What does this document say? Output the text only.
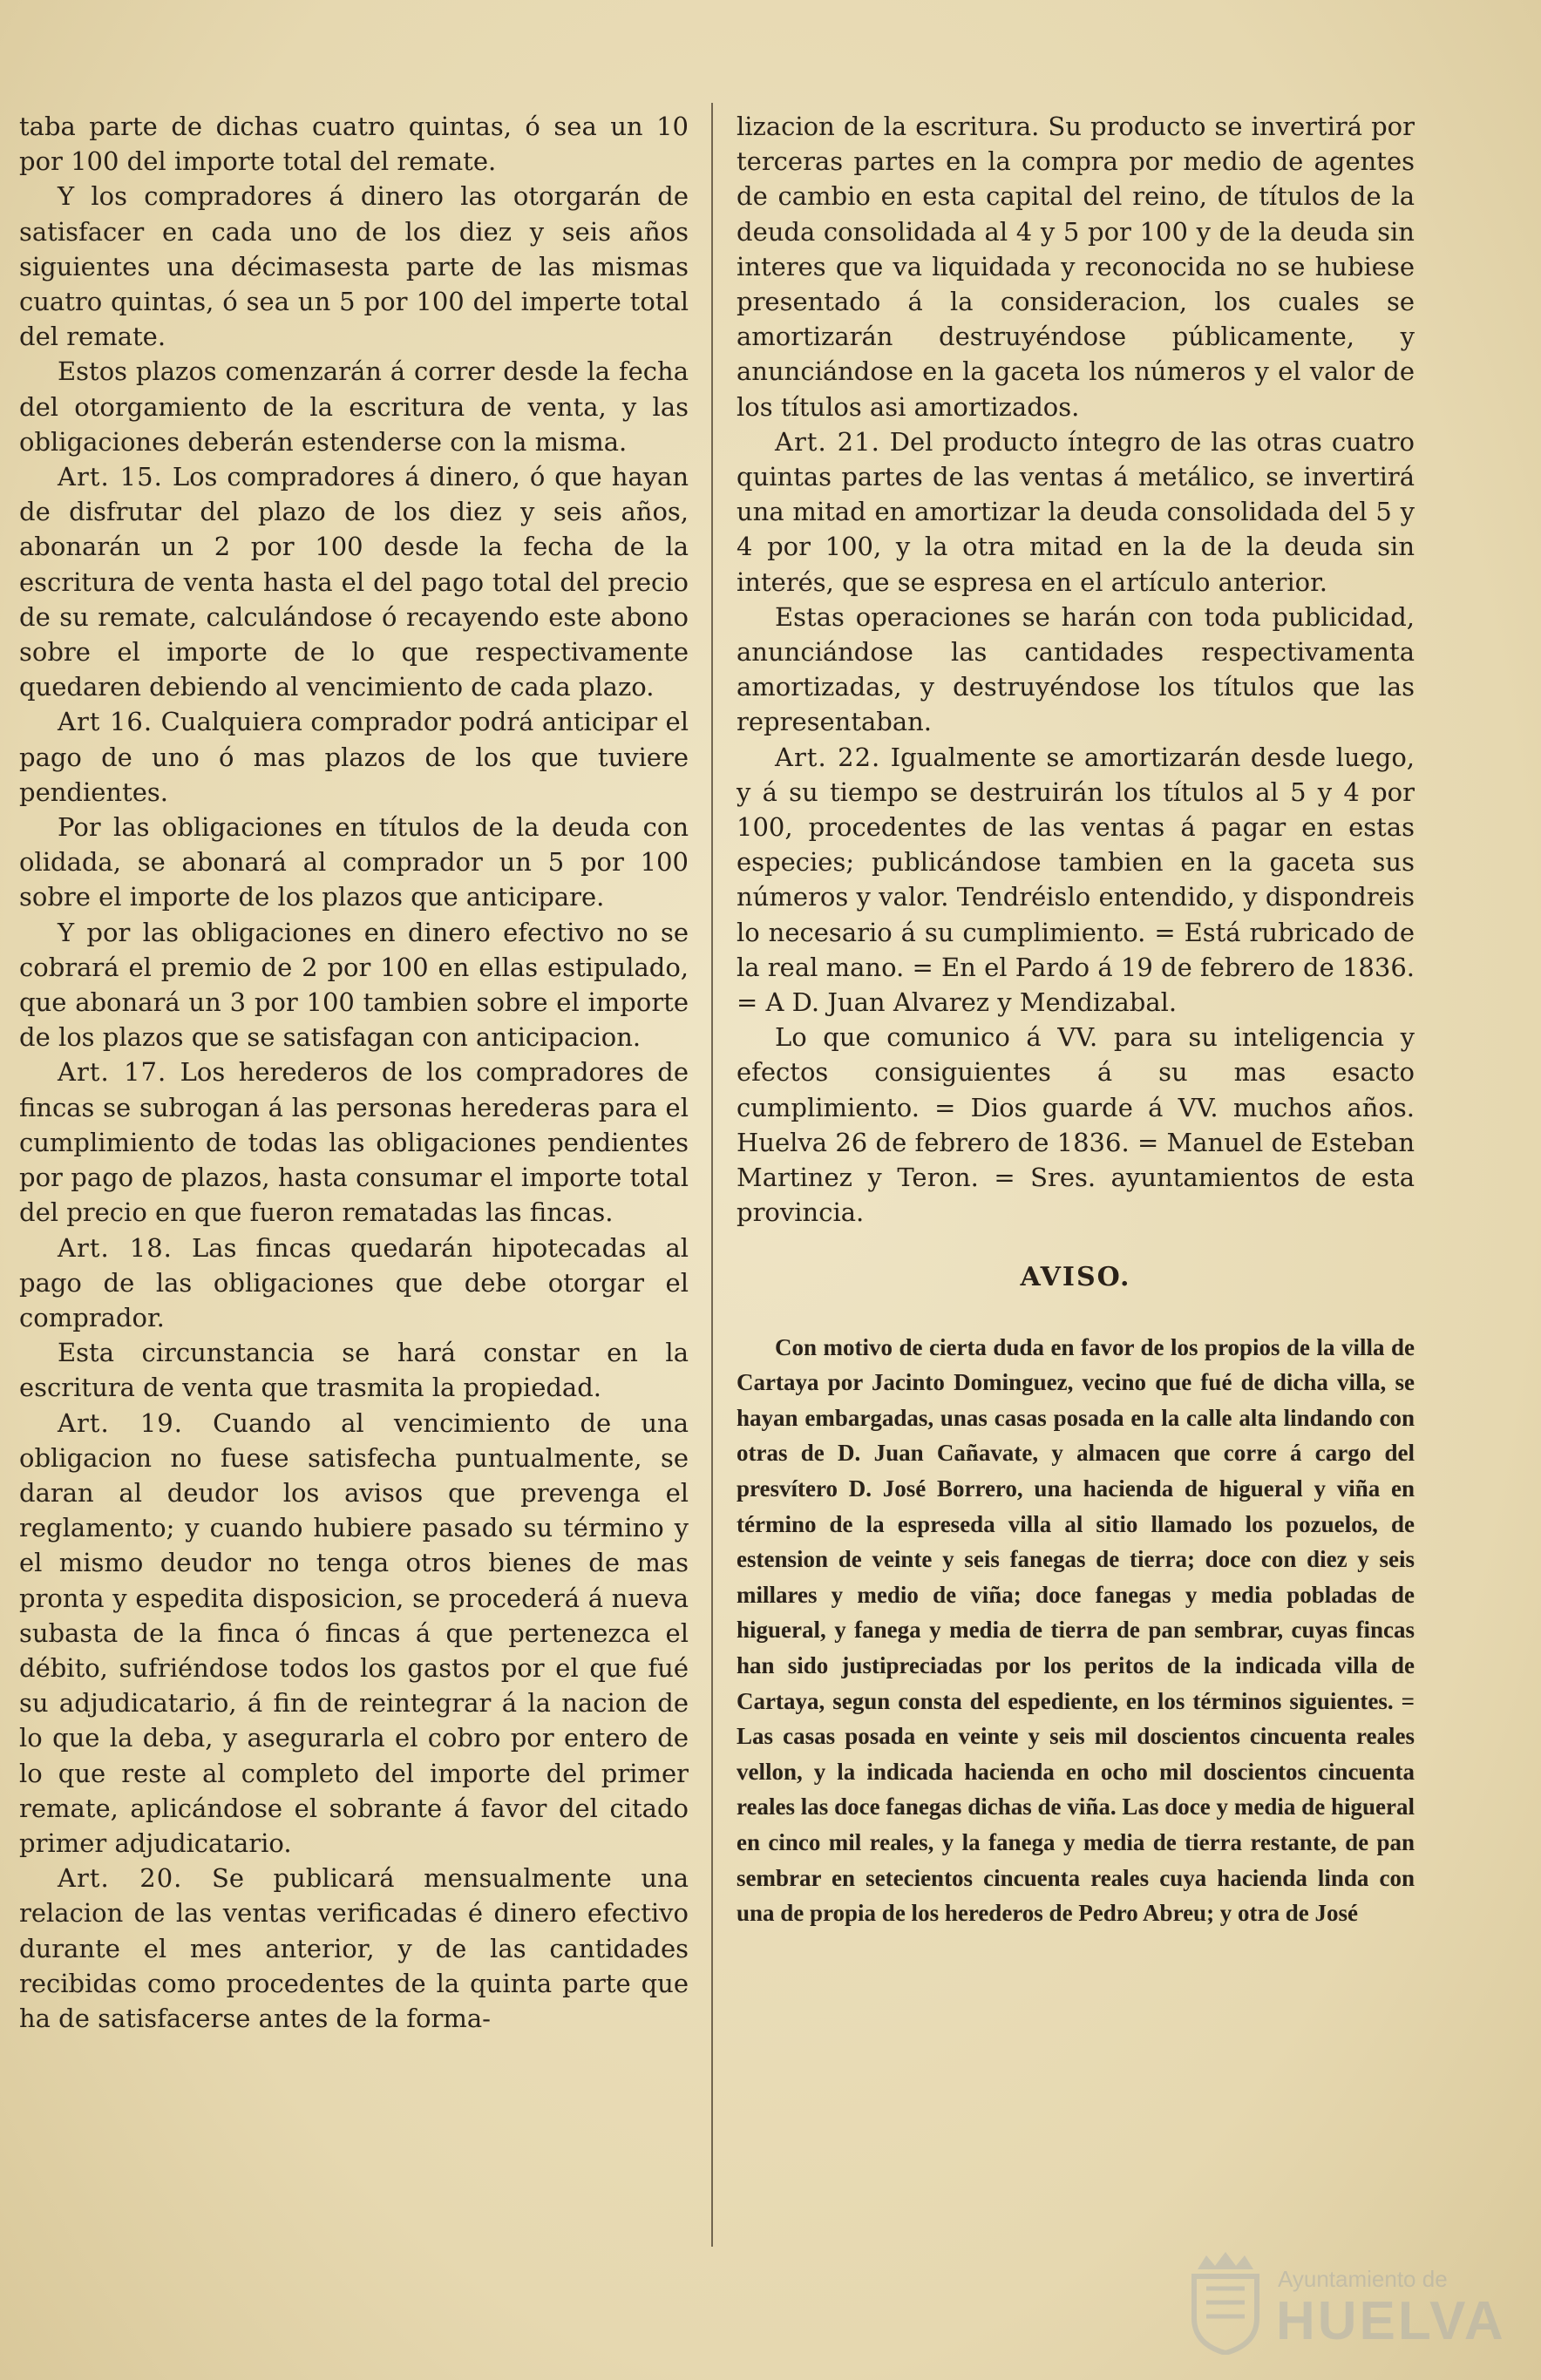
taba parte de dichas cuatro quintas, ó sea un 10 por 100 del importe total del remate.

Y los compradores á dinero las otorgarán de satisfacer en cada uno de los diez y seis años siguientes una décimasesta parte de las mismas cuatro quintas, ó sea un 5 por 100 del imperte total del remate.

Estos plazos comenzarán á correr desde la fecha del otorgamiento de la escritura de venta, y las obligaciones deberán estenderse con la misma.

Art. 15. Los compradores á dinero, ó que hayan de disfrutar del plazo de los diez y seis años, abonarán un 2 por 100 desde la fecha de la escritura de venta hasta el del pago total del precio de su remate, calculándose ó recayendo este abono sobre el importe de lo que respectivamente quedaren debiendo al vencimiento de cada plazo.

Art 16. Cualquiera comprador podrá anticipar el pago de uno ó mas plazos de los que tuviere pendientes.

Por las obligaciones en títulos de la deuda con olidada, se abonará al comprador un 5 por 100 sobre el importe de los plazos que anticipare.

Y por las obligaciones en dinero efectivo no se cobrará el premio de 2 por 100 en ellas estipulado, que abonará un 3 por 100 tambien sobre el importe de los plazos que se satisfagan con anticipacion.

Art. 17. Los herederos de los compradores de fincas se subrogan á las personas herederas para el cumplimiento de todas las obligaciones pendientes por pago de plazos, hasta consumar el importe total del precio en que fueron rematadas las fincas.

Art. 18. Las fincas quedarán hipotecadas al pago de las obligaciones que debe otorgar el comprador.

Esta circunstancia se hará constar en la escritura de venta que trasmita la propiedad.

Art. 19. Cuando al vencimiento de una obligacion no fuese satisfecha puntualmente, se daran al deudor los avisos que prevenga el reglamento; y cuando hubiere pasado su término y el mismo deudor no tenga otros bienes de mas pronta y espedita disposicion, se procederá á nueva subasta de la finca ó fincas á que pertenezca el débito, sufriéndose todos los gastos por el que fué su adjudicatario, á fin de reintegrar á la nacion de lo que la deba, y asegurarla el cobro por entero de lo que reste al completo del importe del primer remate, aplicándose el sobrante á favor del citado primer adjudicatario.

Art. 20. Se publicará mensualmente una relacion de las ventas verificadas é dinero efectivo durante el mes anterior, y de las cantidades recibidas como procedentes de la quinta parte que ha de satisfacerse antes de la forma-

lizacion de la escritura. Su producto se invertirá por terceras partes en la compra por medio de agentes de cambio en esta capital del reino, de títulos de la deuda consolidada al 4 y 5 por 100 y de la deuda sin interes que va liquidada y reconocida no se hubiese presentado á la consideracion, los cuales se amortizarán destruyéndose públicamente, y anunciándose en la gaceta los números y el valor de los títulos asi amortizados.

Art. 21. Del producto íntegro de las otras cuatro quintas partes de las ventas á metálico, se invertirá una mitad en amortizar la deuda consolidada del 5 y 4 por 100, y la otra mitad en la de la deuda sin interés, que se espresa en el artículo anterior.

Estas operaciones se harán con toda publicidad, anunciándose las cantidades respectivamenta amortizadas, y destruyéndose los títulos que las representaban.

Art. 22. Igualmente se amortizarán desde luego, y á su tiempo se destruirán los títulos al 5 y 4 por 100, procedentes de las ventas á pagar en estas especies; publicándose tambien en la gaceta sus números y valor. Tendréislo entendido, y dispondreis lo necesario á su cumplimiento. = Está rubricado de la real mano. = En el Pardo á 19 de febrero de 1836. = A D. Juan Alvarez y Mendizabal.

Lo que comunico á VV. para su inteligencia y efectos consiguientes á su mas esacto cumplimiento. = Dios guarde á VV. muchos años. Huelva 26 de febrero de 1836. = Manuel de Esteban Martinez y Teron. = Sres. ayuntamientos de esta provincia.

AVISO.

Con motivo de cierta duda en favor de los propios de la villa de Cartaya por Jacinto Dominguez, vecino que fué de dicha villa, se hayan embargadas, unas casas posada en la calle alta lindando con otras de D. Juan Cañavate, y almacen que corre á cargo del presvítero D. José Borrero, una hacienda de higueral y viña en término de la espreseda villa al sitio llamado los pozuelos, de estension de veinte y seis fanegas de tierra; doce con diez y seis millares y medio de viña; doce fanegas y media pobladas de higueral, y fanega y media de tierra de pan sembrar, cuyas fincas han sido justipreciadas por los peritos de la indicada villa de Cartaya, segun consta del espediente, en los términos siguientes. = Las casas posada en veinte y seis mil doscientos cincuenta reales vellon, y la indicada hacienda en ocho mil doscientos cincuenta reales las doce fanegas dichas de viña. Las doce y media de higueral en cinco mil reales, y la fanega y media de tierra restante, de pan sembrar en setecientos cincuenta reales cuya hacienda linda con una de propia de los herederos de Pedro Abreu; y otra de José

Ayuntamiento de
HUELVA
